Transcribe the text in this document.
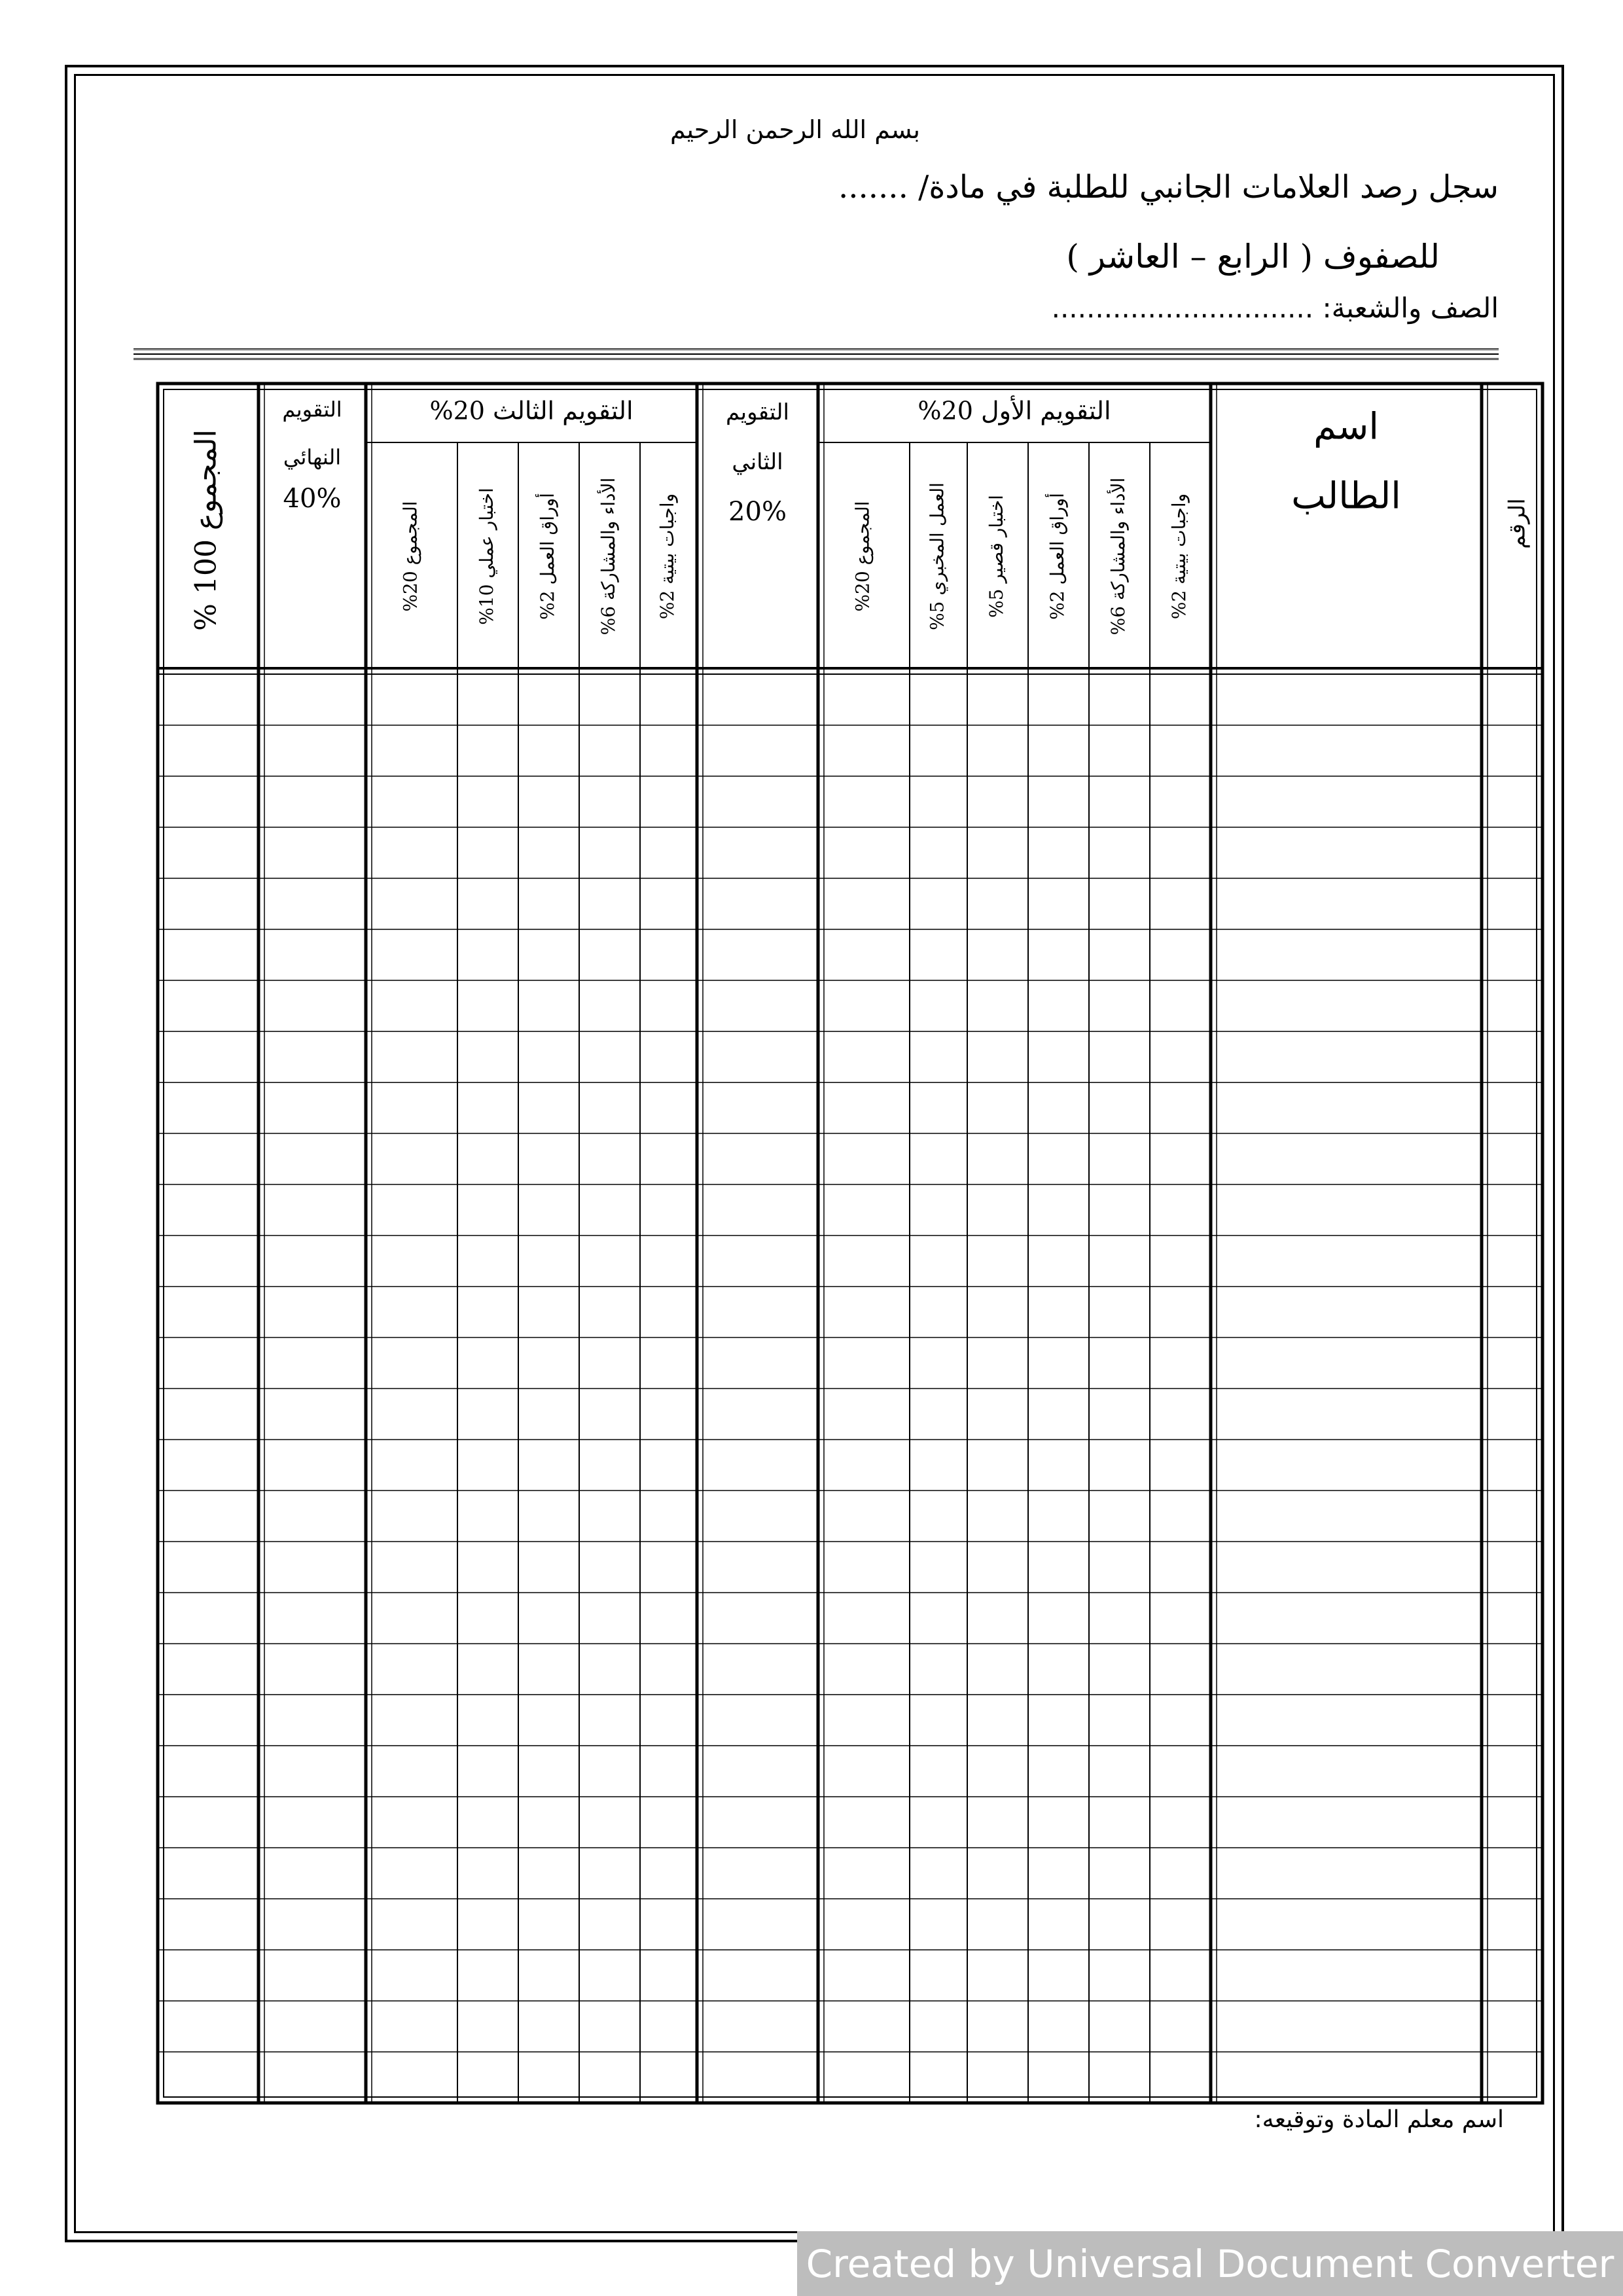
بسم الله الرحمن الرحيم
سجل رصد العلامات الجانبي للطلبة في مادة/ .......
للصفوف ( الرابع – العاشر )
الصف والشعبة: ..............................
الرقم
اسم
الطالب
التقويم الأول 20%
واجبات بيتية 2%
الأداء والمشاركة 6%
أوراق العمل 2%
اختبار قصير 5%
العمل المخبري 5%
المجموع 20%
التقويم
الثاني
20%
التقويم الثالث 20%
واجبات بيتية 2%
الأداء والمشاركة 6%
أوراق العمل 2%
اختبار عملي 10%
المجموع 20%
التقويم
النهائي
40%
المجموع 100 %
اسم معلم المادة وتوقيعه:
Created by Universal Document Converter
